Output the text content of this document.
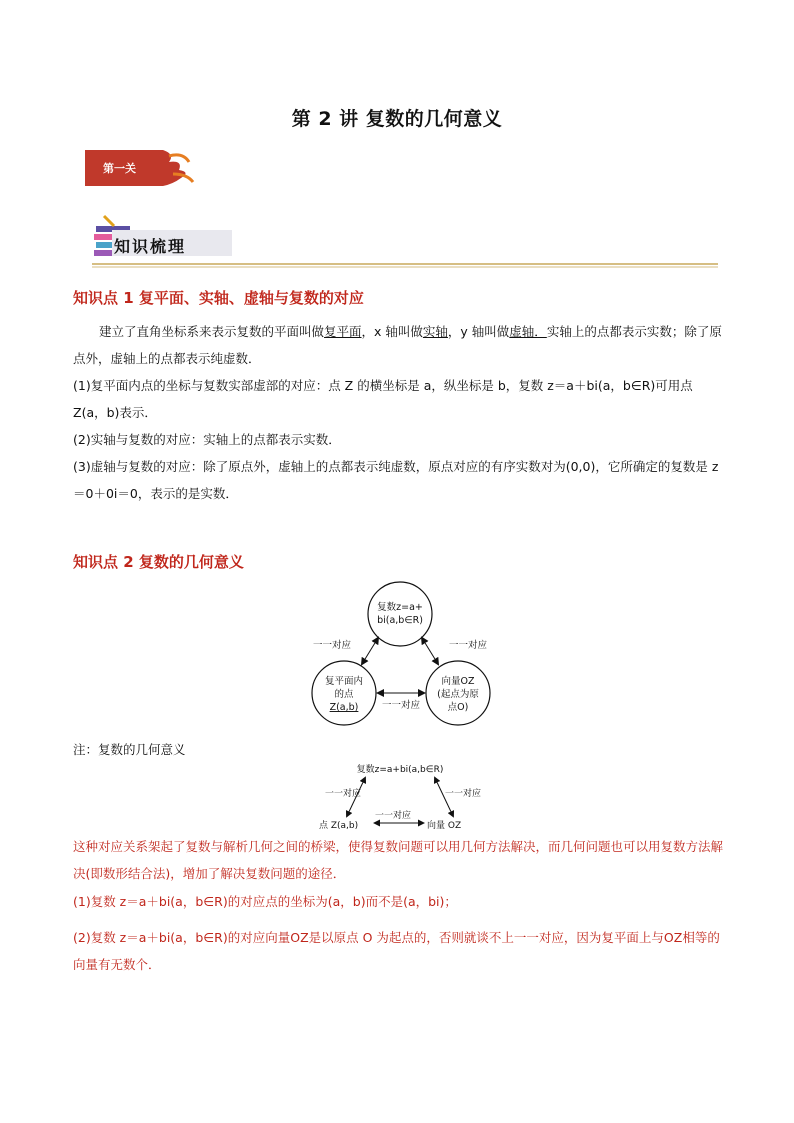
第 2 讲 复数的几何意义
第一关
知识梳理
知识点 1 复平面、实轴、虚轴与复数的对应
建立了直角坐标系来表示复数的平面叫做复平面，x 轴叫做实轴，y 轴叫做虚轴．实轴上的点都表示实数；除了原点外，虚轴上的点都表示纯虚数．
(1)复平面内点的坐标与复数实部虚部的对应：点 Z 的横坐标是 a，纵坐标是 b，复数 z＝a＋bi(a，b∈R)可用点 Z(a，b)表示．
(2)实轴与复数的对应：实轴上的点都表示实数．
(3)虚轴与复数的对应：除了原点外，虚轴上的点都表示纯虚数，原点对应的有序实数对为(0,0)，它所确定的复数是 z＝0＋0i＝0，表示的是实数．
知识点 2 复数的几何意义
复数z=a+
bi(a,b∈R)
复平面内
的点
Z(a,b)
向量OZ
(起点为原
点O)
一一对应	一一对应
一一对应
注：复数的几何意义
复数z=a+bi(a,b∈R)
点 Z(a,b)	向量 OZ
一一对应	一一对应
一一对应
这种对应关系架起了复数与解析几何之间的桥梁，使得复数问题可以用几何方法解决，而几何问题也可以用复数方法解决(即数形结合法)，增加了解决复数问题的途径．
(1)复数 z＝a＋bi(a，b∈R)的对应点的坐标为(a，b)而不是(a，bi)；
(2)复数 z＝a＋bi(a，b∈R)的对应向量OZ是以原点 O 为起点的，否则就谈不上一一对应，因为复平面上与OZ相等的向量有无数个．
